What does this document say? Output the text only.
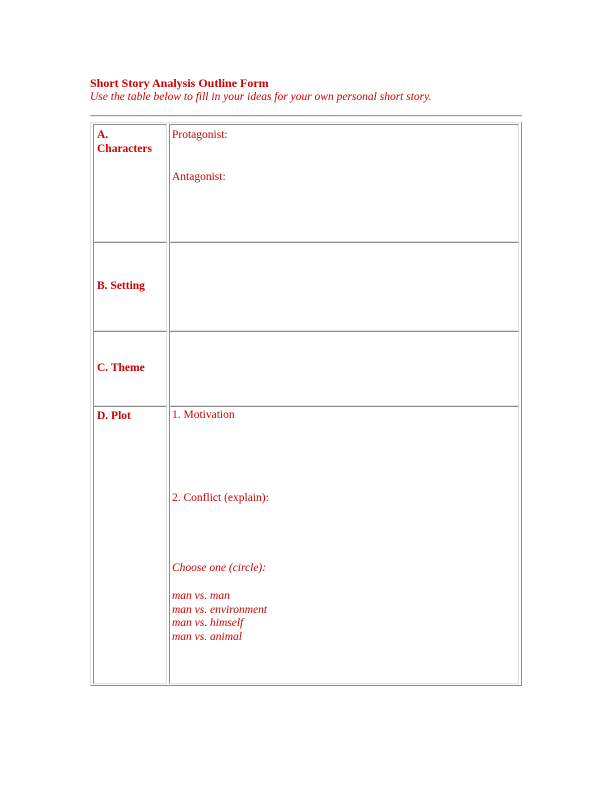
Short Story Analysis Outline Form
Use the table below to fill in your ideas for your own personal short story.
A. Characters
Protagonist:
Antagonist:
B. Setting
C. Theme
D. Plot	1. Motivation
2. Conflict (explain):
Choose one (circle):
man vs. man
man vs. environment
man vs. himself
man vs. animal
